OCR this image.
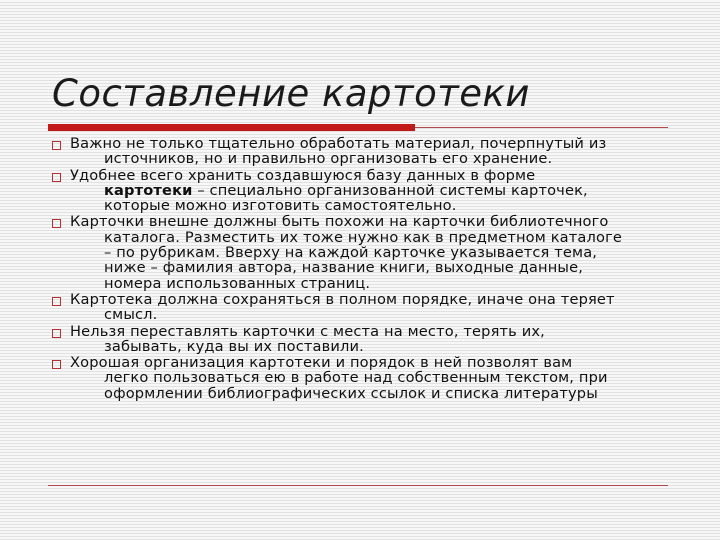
Составление картотеки
Важно не только тщательно обработать материал, почерпнутый из
источников, но и правильно организовать его хранение.
Удобнее всего хранить создавшуюся базу данных в форме
картотеки – специально организованной системы карточек,
которые можно изготовить самостоятельно.
Карточки внешне должны быть похожи на карточки библиотечного
каталога. Разместить их тоже нужно как в предметном каталоге
– по рубрикам. Вверху на каждой карточке указывается тема,
ниже – фамилия автора, название книги, выходные данные,
номера использованных страниц.
Картотека должна сохраняться в полном порядке, иначе она теряет
смысл.
Нельзя переставлять карточки с места на место, терять их,
забывать, куда вы их поставили.
Хорошая организация картотеки и порядок в ней позволят вам
легко пользоваться ею в работе над собственным текстом, при
оформлении библиографических ссылок и списка литературы
